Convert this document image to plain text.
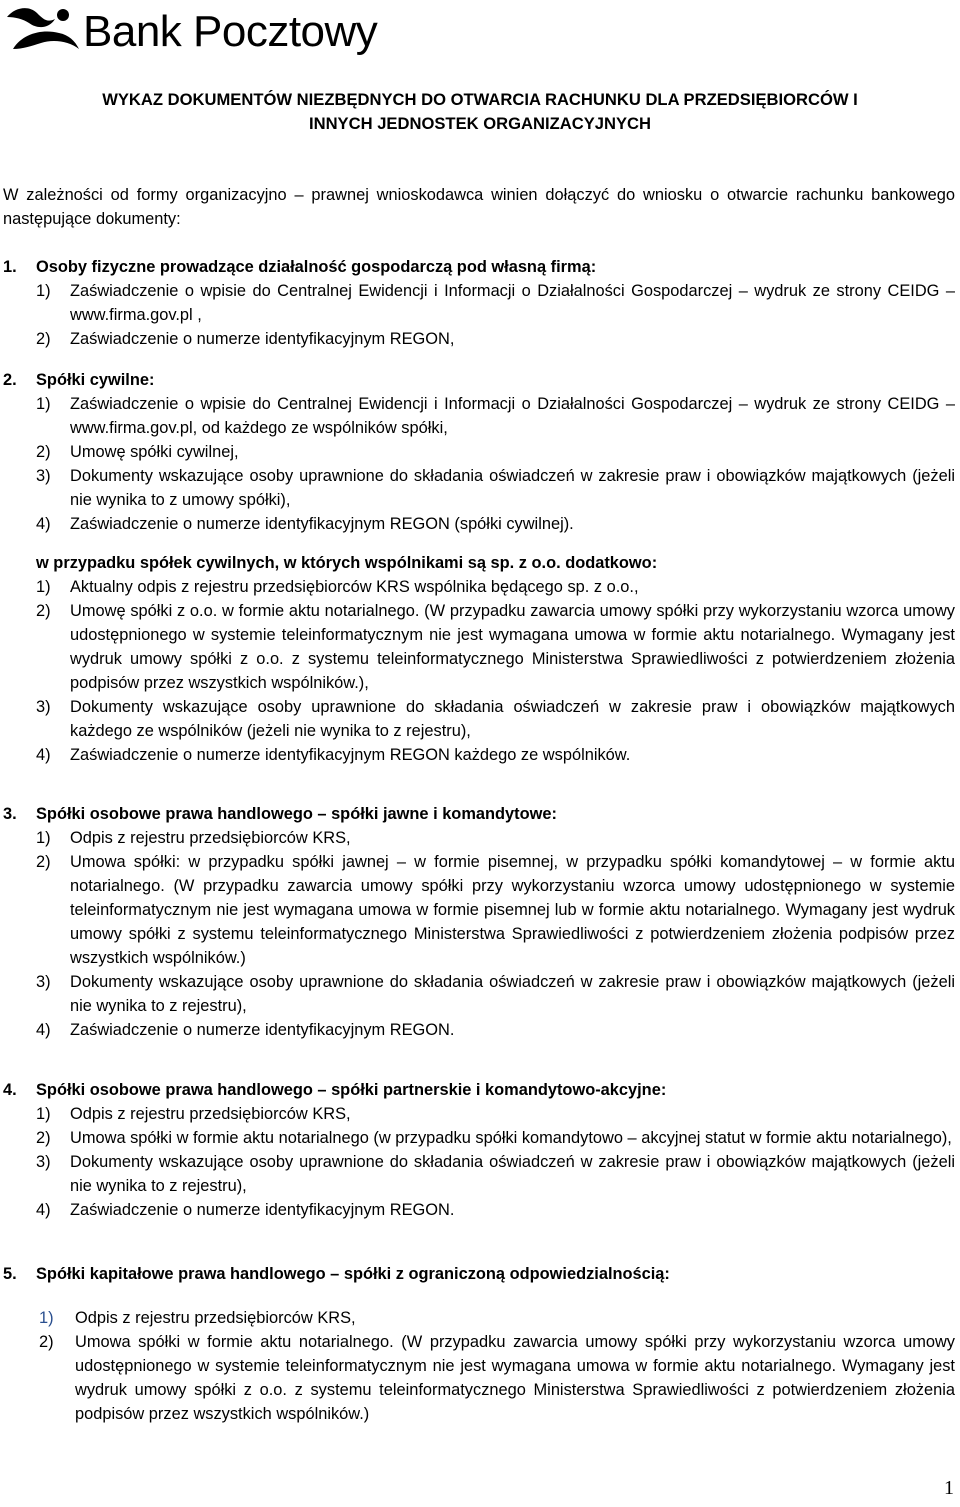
Bank Pocztowy
WYKAZ DOKUMENTÓW NIEZBĘDNYCH DO OTWARCIA RACHUNKU DLA PRZEDSIĘBIORCÓW I
INNYCH JEDNOSTEK ORGANIZACYJNYCH
W zależności od formy organizacyjno – prawnej wnioskodawca winien dołączyć do wniosku o otwarcie rachunku bankowego następujące dokumenty:
1. Osoby fizyczne prowadzące działalność gospodarczą pod własną firmą:
1) Zaświadczenie o wpisie do Centralnej Ewidencji i Informacji o Działalności Gospodarczej – wydruk ze strony CEIDG – www.firma.gov.pl ,
2) Zaświadczenie o numerze identyfikacyjnym REGON,
2. Spółki cywilne:
1) Zaświadczenie o wpisie do Centralnej Ewidencji i Informacji o Działalności Gospodarczej – wydruk ze strony CEIDG – www.firma.gov.pl, od każdego ze wspólników spółki,
2) Umowę spółki cywilnej,
3) Dokumenty wskazujące osoby uprawnione do składania oświadczeń w zakresie praw i obowiązków majątkowych (jeżeli nie wynika to z umowy spółki),
4) Zaświadczenie o numerze identyfikacyjnym REGON (spółki cywilnej).
w przypadku spółek cywilnych, w których wspólnikami są sp. z o.o. dodatkowo:
1) Aktualny odpis z rejestru przedsiębiorców KRS wspólnika będącego sp. z o.o.,
2) Umowę spółki z o.o. w formie aktu notarialnego. (W przypadku zawarcia umowy spółki przy wykorzystaniu wzorca umowy udostępnionego w systemie teleinformatycznym nie jest wymagana umowa w formie aktu notarialnego. Wymagany jest wydruk umowy spółki z o.o. z systemu teleinformatycznego Ministerstwa Sprawiedliwości z potwierdzeniem złożenia podpisów przez wszystkich wspólników.),
3) Dokumenty wskazujące osoby uprawnione do składania oświadczeń w zakresie praw i obowiązków majątkowych każdego ze wspólników (jeżeli nie wynika to z rejestru),
4) Zaświadczenie o numerze identyfikacyjnym REGON każdego ze wspólników.
3. Spółki osobowe prawa handlowego – spółki jawne i komandytowe:
1) Odpis z rejestru przedsiębiorców KRS,
2) Umowa spółki: w przypadku spółki jawnej – w formie pisemnej, w przypadku spółki komandytowej – w formie aktu notarialnego. (W przypadku zawarcia umowy spółki przy wykorzystaniu wzorca umowy udostępnionego w systemie teleinformatycznym nie jest wymagana umowa w formie pisemnej lub w formie aktu notarialnego. Wymagany jest wydruk umowy spółki z systemu teleinformatycznego Ministerstwa Sprawiedliwości z potwierdzeniem złożenia podpisów przez wszystkich wspólników.)
3) Dokumenty wskazujące osoby uprawnione do składania oświadczeń w zakresie praw i obowiązków majątkowych (jeżeli nie wynika to z rejestru),
4) Zaświadczenie o numerze identyfikacyjnym REGON.
4. Spółki osobowe prawa handlowego – spółki partnerskie i komandytowo-akcyjne:
1) Odpis z rejestru przedsiębiorców KRS,
2) Umowa spółki w formie aktu notarialnego (w przypadku spółki komandytowo – akcyjnej statut w formie aktu notarialnego),
3) Dokumenty wskazujące osoby uprawnione do składania oświadczeń w zakresie praw i obowiązków majątkowych (jeżeli nie wynika to z rejestru),
4) Zaświadczenie o numerze identyfikacyjnym REGON.
5. Spółki kapitałowe prawa handlowego – spółki z ograniczoną odpowiedzialnością:
1) Odpis z rejestru przedsiębiorców KRS,
2) Umowa spółki w formie aktu notarialnego. (W przypadku zawarcia umowy spółki przy wykorzystaniu wzorca umowy udostępnionego w systemie teleinformatycznym nie jest wymagana umowa w formie aktu notarialnego. Wymagany jest wydruk umowy spółki z o.o. z systemu teleinformatycznego Ministerstwa Sprawiedliwości z potwierdzeniem złożenia podpisów przez wszystkich wspólników.)
1
